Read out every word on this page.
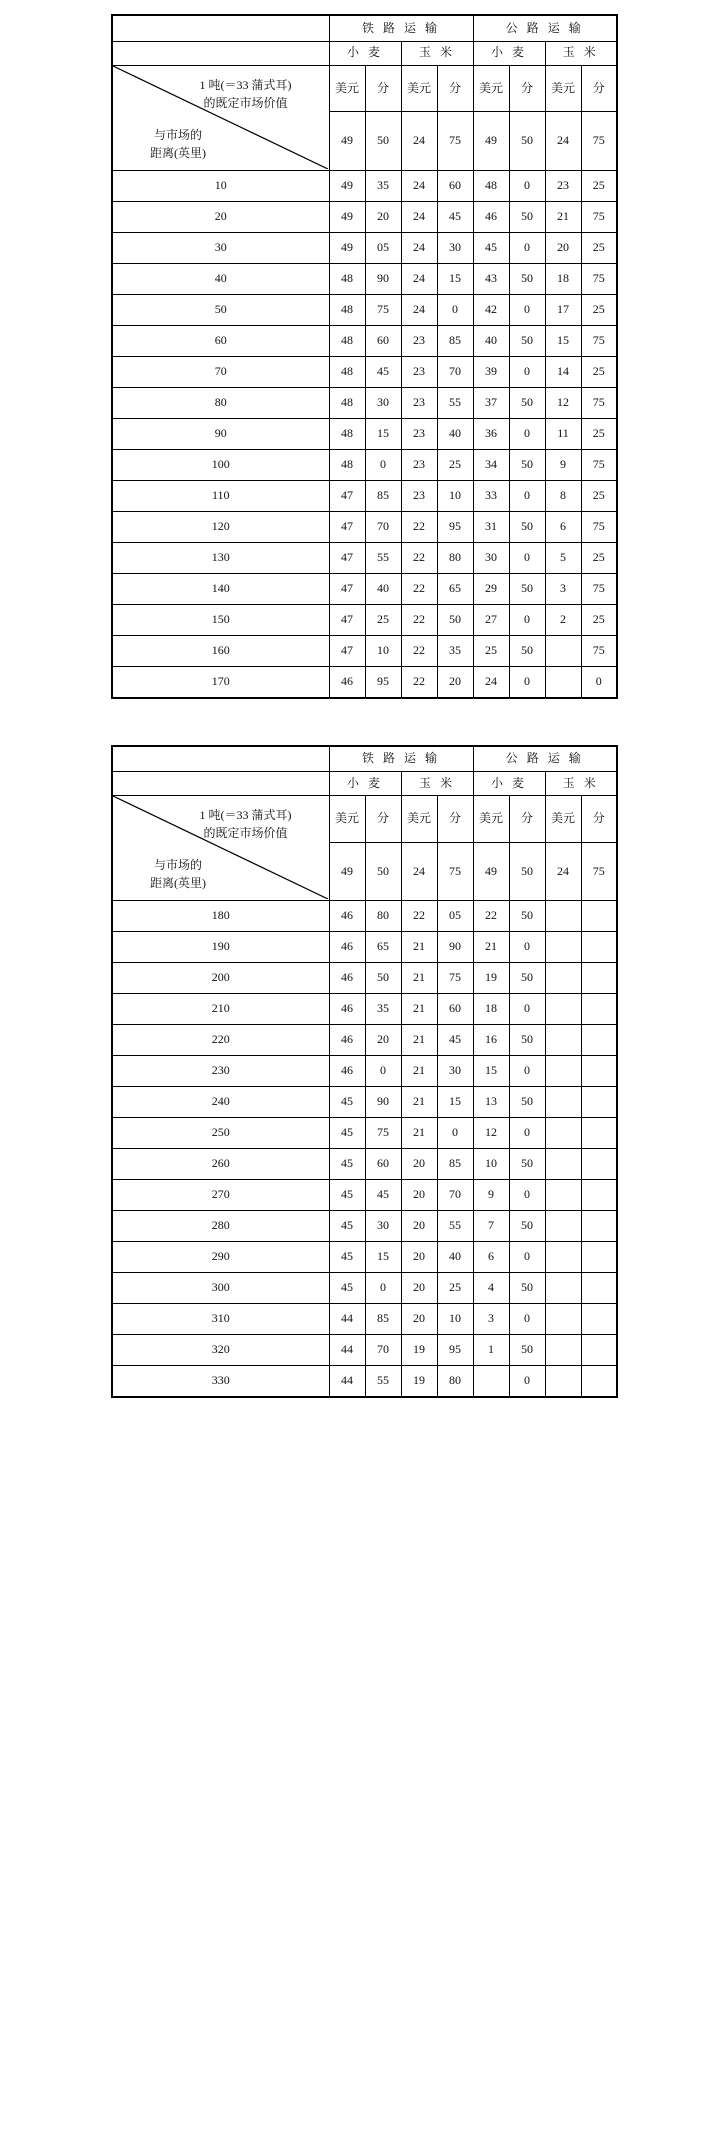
	铁 路 运 输				公 路 运 输			
	小 麦		玉 米		小 麦		玉 米	

1 吨(＝33 蒲式耳)
的既定市场价值
与市场的
距离(英里)	美元	分	美元	分	美元	分	美元	分
	49	50	24	75	49	50	24	75
10	49	35	24	60	48	0	23	25
20	49	20	24	45	46	50	21	75
30	49	05	24	30	45	0	20	25
40	48	90	24	15	43	50	18	75
50	48	75	24	0	42	0	17	25
60	48	60	23	85	40	50	15	75
70	48	45	23	70	39	0	14	25
80	48	30	23	55	37	50	12	75
90	48	15	23	40	36	0	11	25
100	48	0	23	25	34	50	9	75
110	47	85	23	10	33	0	8	25
120	47	70	22	95	31	50	6	75
130	47	55	22	80	30	0	5	25
140	47	40	22	65	29	50	3	75
150	47	25	22	50	27	0	2	25
160	47	10	22	35	25	50		75
170	46	95	22	20	24	0		0
	铁 路 运 输				公 路 运 输			
	小 麦		玉 米		小 麦		玉 米	

1 吨(＝33 蒲式耳)
的既定市场价值
与市场的
距离(英里)	美元	分	美元	分	美元	分	美元	分
	49	50	24	75	49	50	24	75
180	46	80	22	05	22	50		
190	46	65	21	90	21	0		
200	46	50	21	75	19	50		
210	46	35	21	60	18	0		
220	46	20	21	45	16	50		
230	46	0	21	30	15	0		
240	45	90	21	15	13	50		
250	45	75	21	0	12	0		
260	45	60	20	85	10	50		
270	45	45	20	70	9	0		
280	45	30	20	55	7	50		
290	45	15	20	40	6	0		
300	45	0	20	25	4	50		
310	44	85	20	10	3	0		
320	44	70	19	95	1	50		
330	44	55	19	80		0		
